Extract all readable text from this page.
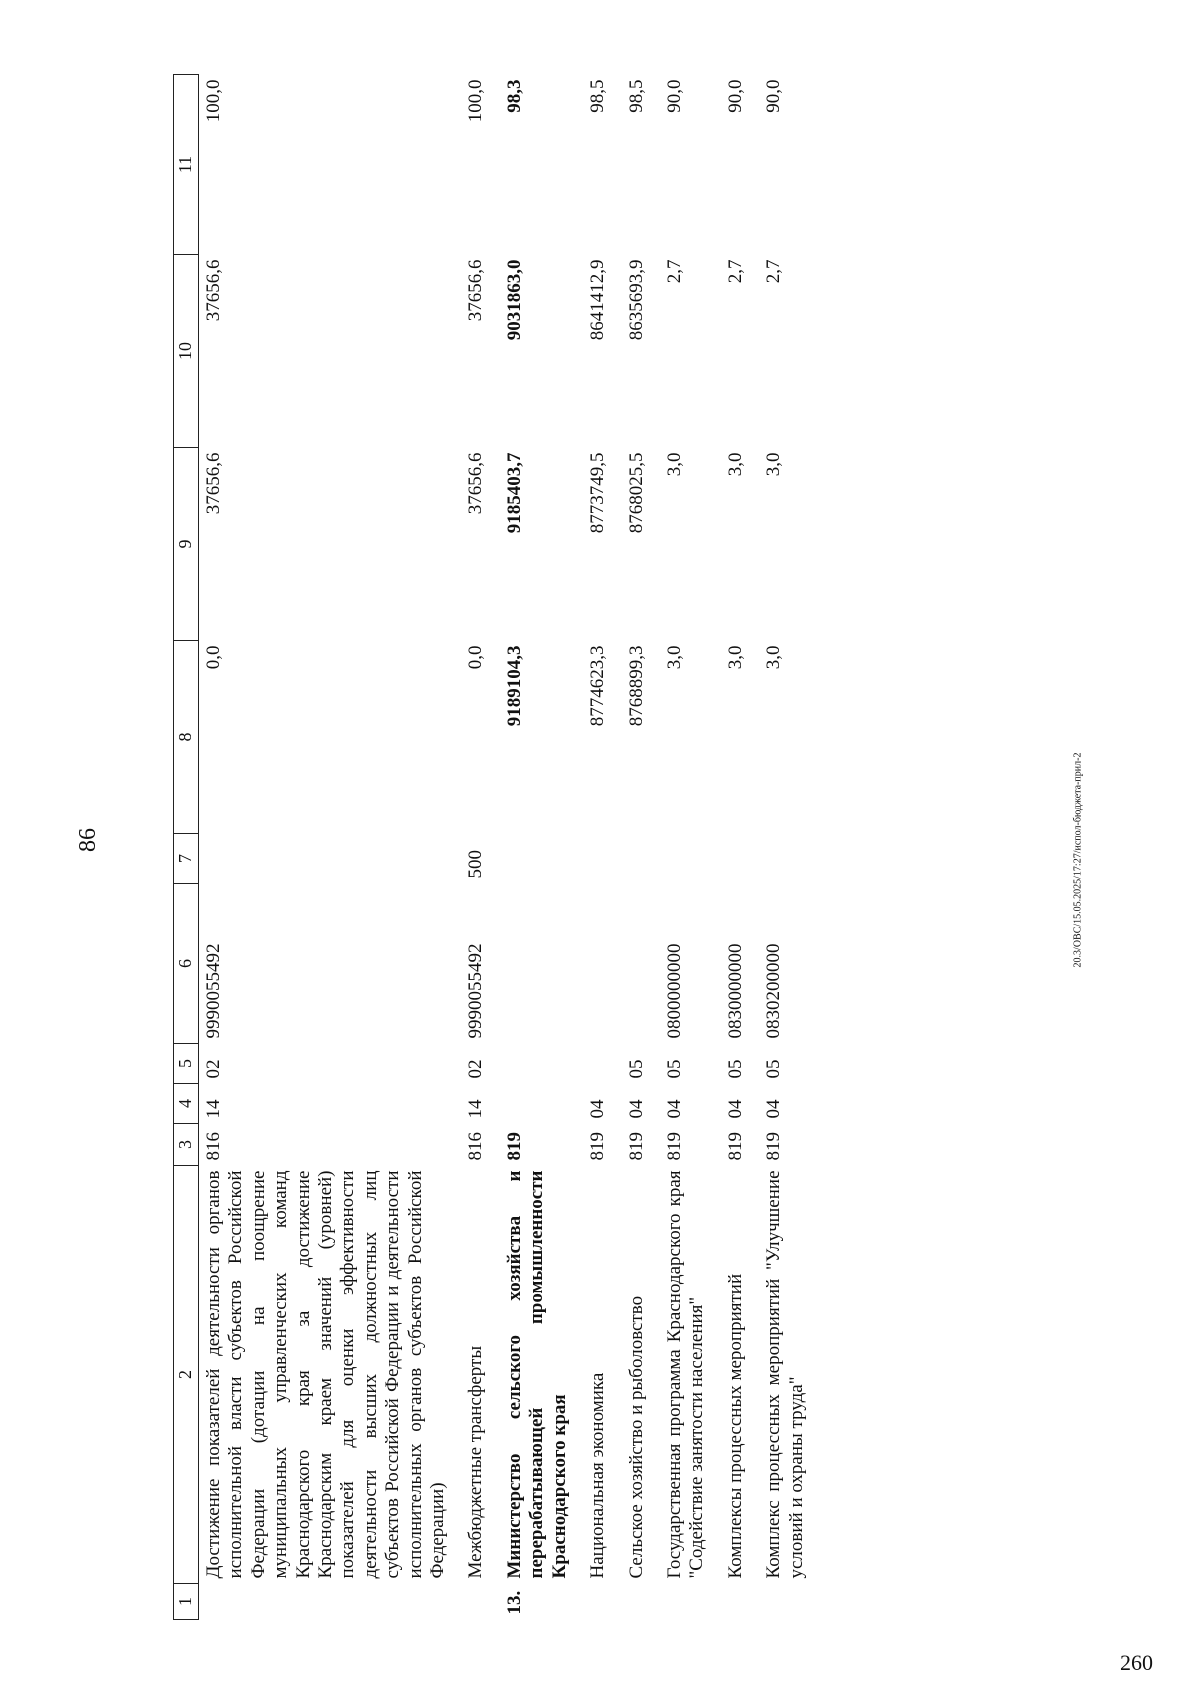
86
1	2	3	4	5	6	7	8	9	10	11
	Достижение показателей деятельности органов исполнительной власти субъектов Российской Федерации (дотации на поощрение муниципальных управленческих команд Краснодарского края за достижение Краснодарским краем значений (уровней) показателей для оценки эффективности деятельности высших должностных лиц субъектов Российской Федерации и деятельности исполнительных органов субъектов Российской Федерации)	816	14	02	9990055492		0,0	37656,6	37656,6	100,0
	Межбюджетные трансферты	816	14	02	9990055492	500	0,0	37656,6	37656,6	100,0
13.	Министерство сельского хозяйства и перерабатывающей промышленности Краснодарского края	819					9189104,3	9185403,7	9031863,0	98,3
	Национальная экономика	819	04				8774623,3	8773749,5	8641412,9	98,5
	Сельское хозяйство и рыболовство	819	04	05			8768899,3	8768025,5	8635693,9	98,5
	Государственная программа Краснодарского края "Содействие занятости населения"	819	04	05	0800000000		3,0	3,0	2,7	90,0
	Комплексы процессных мероприятий	819	04	05	0830000000		3,0	3,0	2,7	90,0
	Комплекс процессных мероприятий "Улучшение условий и охраны труда"	819	04	05	0830200000		3,0	3,0	2,7	90,0
20.3/ОВС/15.05.2025/17:27/испол-бюджета-прил-2
260
